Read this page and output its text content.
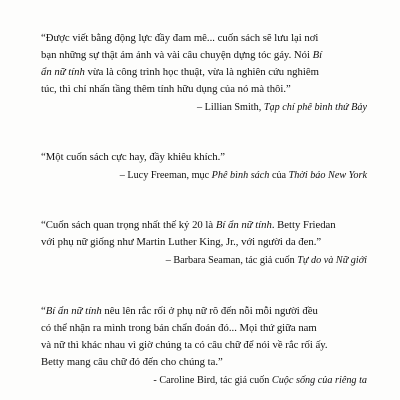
“Được viết bằng động lực đầy đam mê... cuốn sách sẽ lưu lại nơi
bạn những sự thật ám ảnh và vài câu chuyện dựng tóc gáy. Nói Bí
ẩn nữ tính vừa là công trình học thuật, vừa là nghiên cứu nghiêm
túc, thì chỉ nhấn tầng thêm tính hữu dụng của nó mà thôi.”

– Lillian Smith, Tạp chí phê bình thứ Bảy

“Một cuốn sách cực hay, đầy khiêu khích.”

– Lucy Freeman, mục Phê bình sách của Thời báo New York

“Cuốn sách quan trọng nhất thế kỷ 20 là Bí ẩn nữ tính. Betty Friedan
với phụ nữ giống như Martin Luther King, Jr., với người da đen.”

– Barbara Seaman, tác giả cuốn Tự do và Nữ giới

“Bí ẩn nữ tính nêu lên rắc rối ở phụ nữ rõ đến nỗi mỗi người đều
có thể nhận ra mình trong bản chẩn đoán đó... Mọi thứ giữa nam
và nữ thì khác nhau vì giờ chúng ta có câu chữ để nói về rắc rối ấy.
Betty mang câu chữ đó đến cho chúng ta.”

- Caroline Bird, tác giả cuốn Cuộc sống của riêng ta
